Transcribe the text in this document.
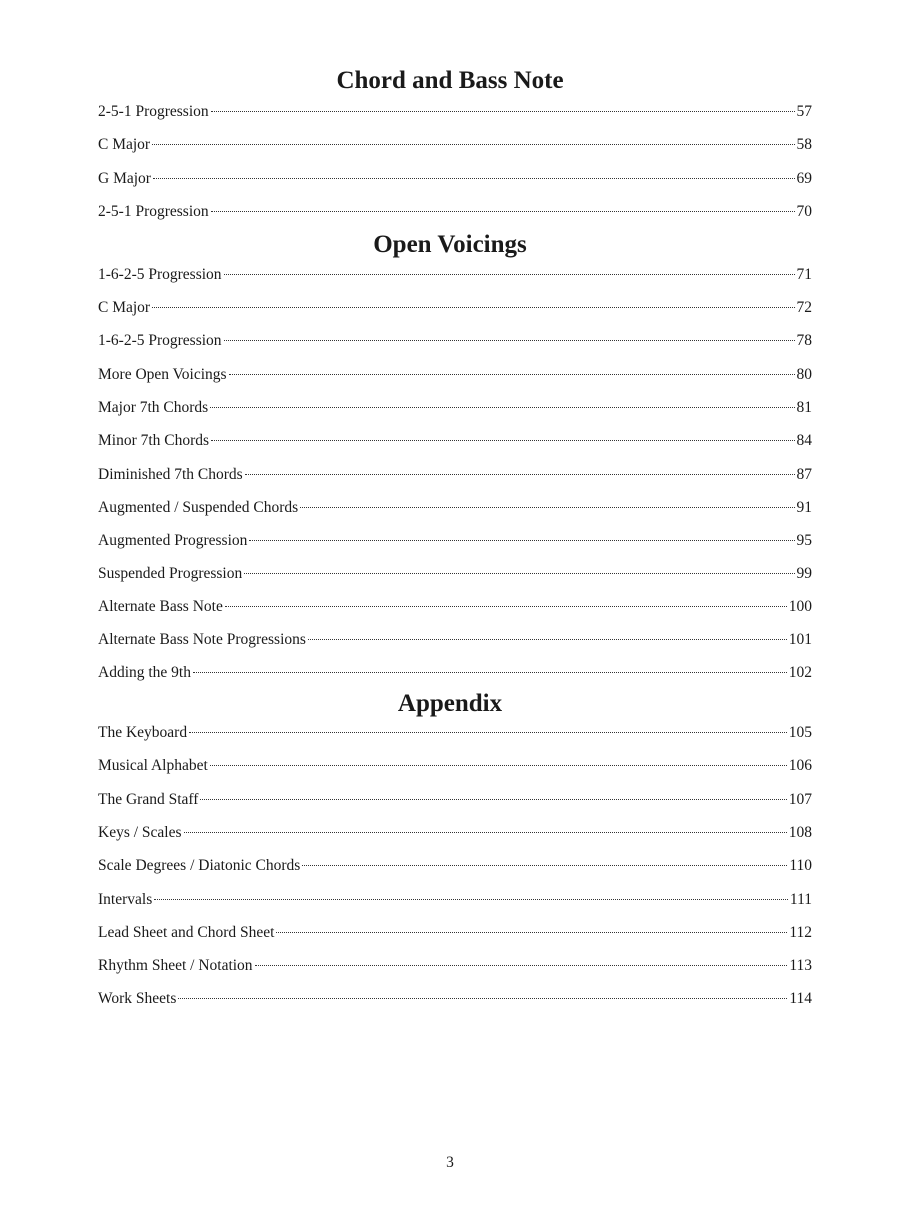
Chord and Bass Note
2-5-1 Progression	57
C Major	58
G Major	69
2-5-1 Progression	70
Open Voicings
1-6-2-5 Progression	71
C Major	72
1-6-2-5 Progression	78
More Open Voicings	80
Major 7th Chords	81
Minor 7th Chords	84
Diminished 7th Chords	87
Augmented / Suspended Chords	91
Augmented Progression	95
Suspended Progression	99
Alternate Bass Note	100
Alternate Bass Note Progressions	101
Adding the 9th	102
Appendix
The Keyboard	105
Musical Alphabet	106
The Grand Staff	107
Keys / Scales	108
Scale Degrees / Diatonic Chords	110
Intervals	111
Lead Sheet and Chord Sheet	112
Rhythm Sheet / Notation	113
Work Sheets	114
3
